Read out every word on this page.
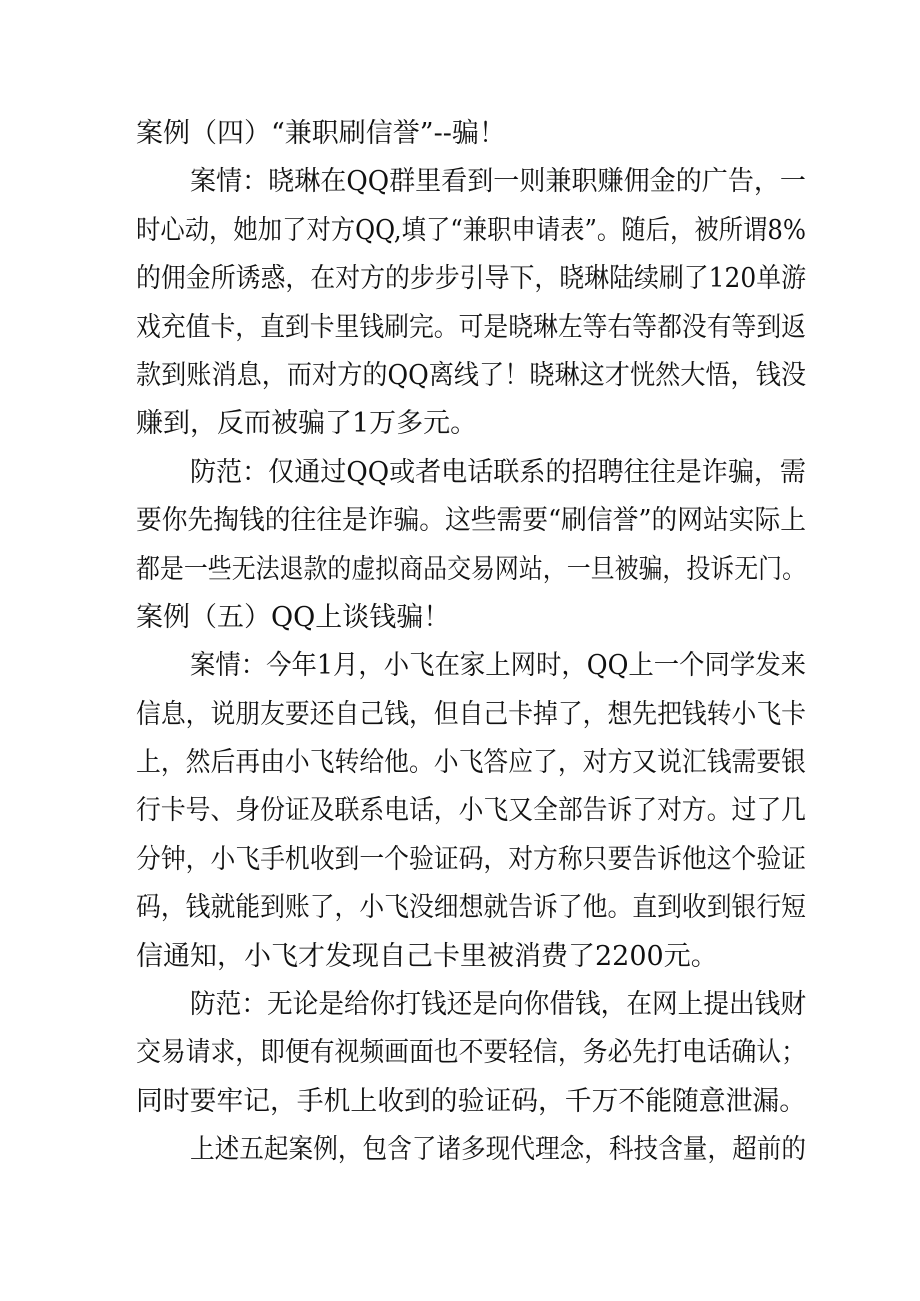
案例（四）“兼职刷信誉”--骗！
案情：晓琳在QQ群里看到一则兼职赚佣金的广告，一
时心动，她加了对方QQ,填了“兼职申请表”。随后，被所谓8%
的佣金所诱惑，在对方的步步引导下，晓琳陆续刷了120单游
戏充值卡，直到卡里钱刷完。可是晓琳左等右等都没有等到返
款到账消息，而对方的QQ离线了！晓琳这才恍然大悟，钱没
赚到，反而被骗了1万多元。
防范：仅通过QQ或者电话联系的招聘往往是诈骗，需
要你先掏钱的往往是诈骗。这些需要“刷信誉”的网站实际上
都是一些无法退款的虚拟商品交易网站，一旦被骗，投诉无门。
案例（五）QQ上谈钱骗！
案情：今年1月，小飞在家上网时，QQ上一个同学发来
信息，说朋友要还自己钱，但自己卡掉了，想先把钱转小飞卡
上，然后再由小飞转给他。小飞答应了，对方又说汇钱需要银
行卡号、身份证及联系电话，小飞又全部告诉了对方。过了几
分钟，小飞手机收到一个验证码，对方称只要告诉他这个验证
码，钱就能到账了，小飞没细想就告诉了他。直到收到银行短
信通知，小飞才发现自己卡里被消费了2200元。
防范：无论是给你打钱还是向你借钱，在网上提出钱财
交易请求，即便有视频画面也不要轻信，务必先打电话确认；
同时要牢记，手机上收到的验证码，千万不能随意泄漏。
上述五起案例，包含了诸多现代理念，科技含量，超前的
